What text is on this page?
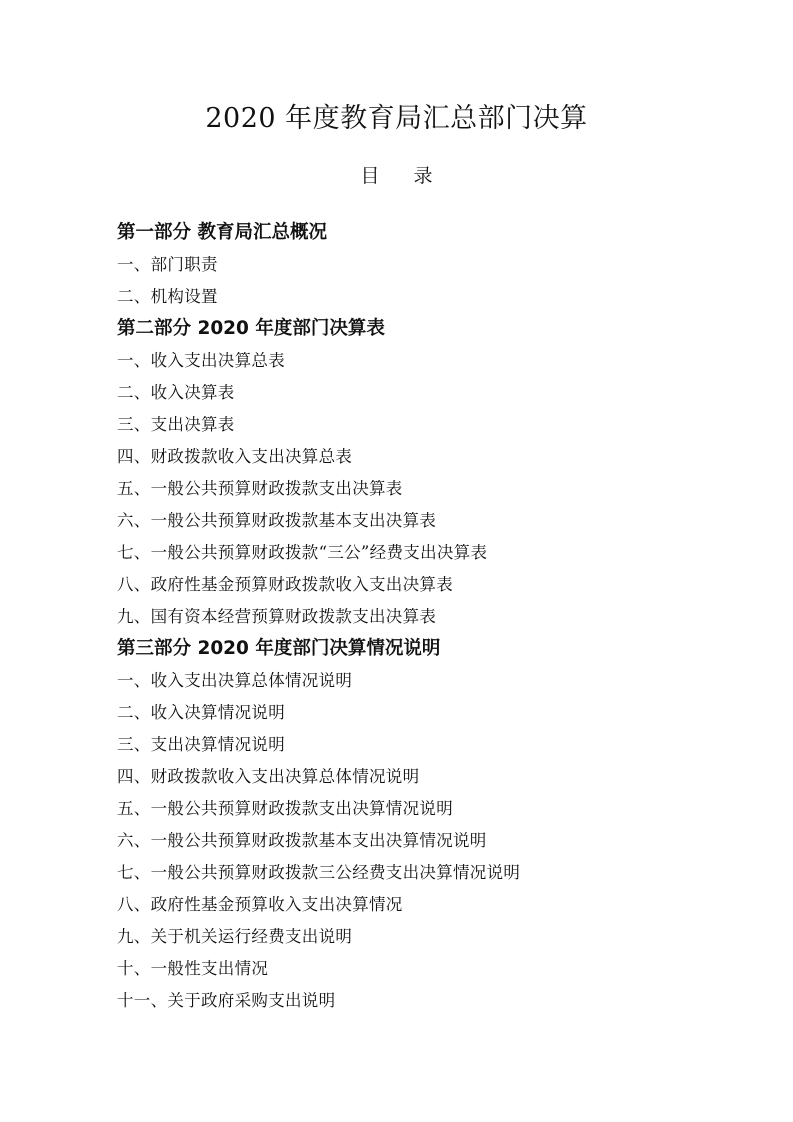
2020 年度教育局汇总部门决算
目 录
第一部分 教育局汇总概况
一、部门职责
二、机构设置
第二部分 2020 年度部门决算表
一、收入支出决算总表
二、收入决算表
三、支出决算表
四、财政拨款收入支出决算总表
五、一般公共预算财政拨款支出决算表
六、一般公共预算财政拨款基本支出决算表
七、一般公共预算财政拨款“三公”经费支出决算表
八、政府性基金预算财政拨款收入支出决算表
九、国有资本经营预算财政拨款支出决算表
第三部分 2020 年度部门决算情况说明
一、收入支出决算总体情况说明
二、收入决算情况说明
三、支出决算情况说明
四、财政拨款收入支出决算总体情况说明
五、一般公共预算财政拨款支出决算情况说明
六、一般公共预算财政拨款基本支出决算情况说明
七、一般公共预算财政拨款三公经费支出决算情况说明
八、政府性基金预算收入支出决算情况
九、关于机关运行经费支出说明
十、一般性支出情况
十一、关于政府采购支出说明
